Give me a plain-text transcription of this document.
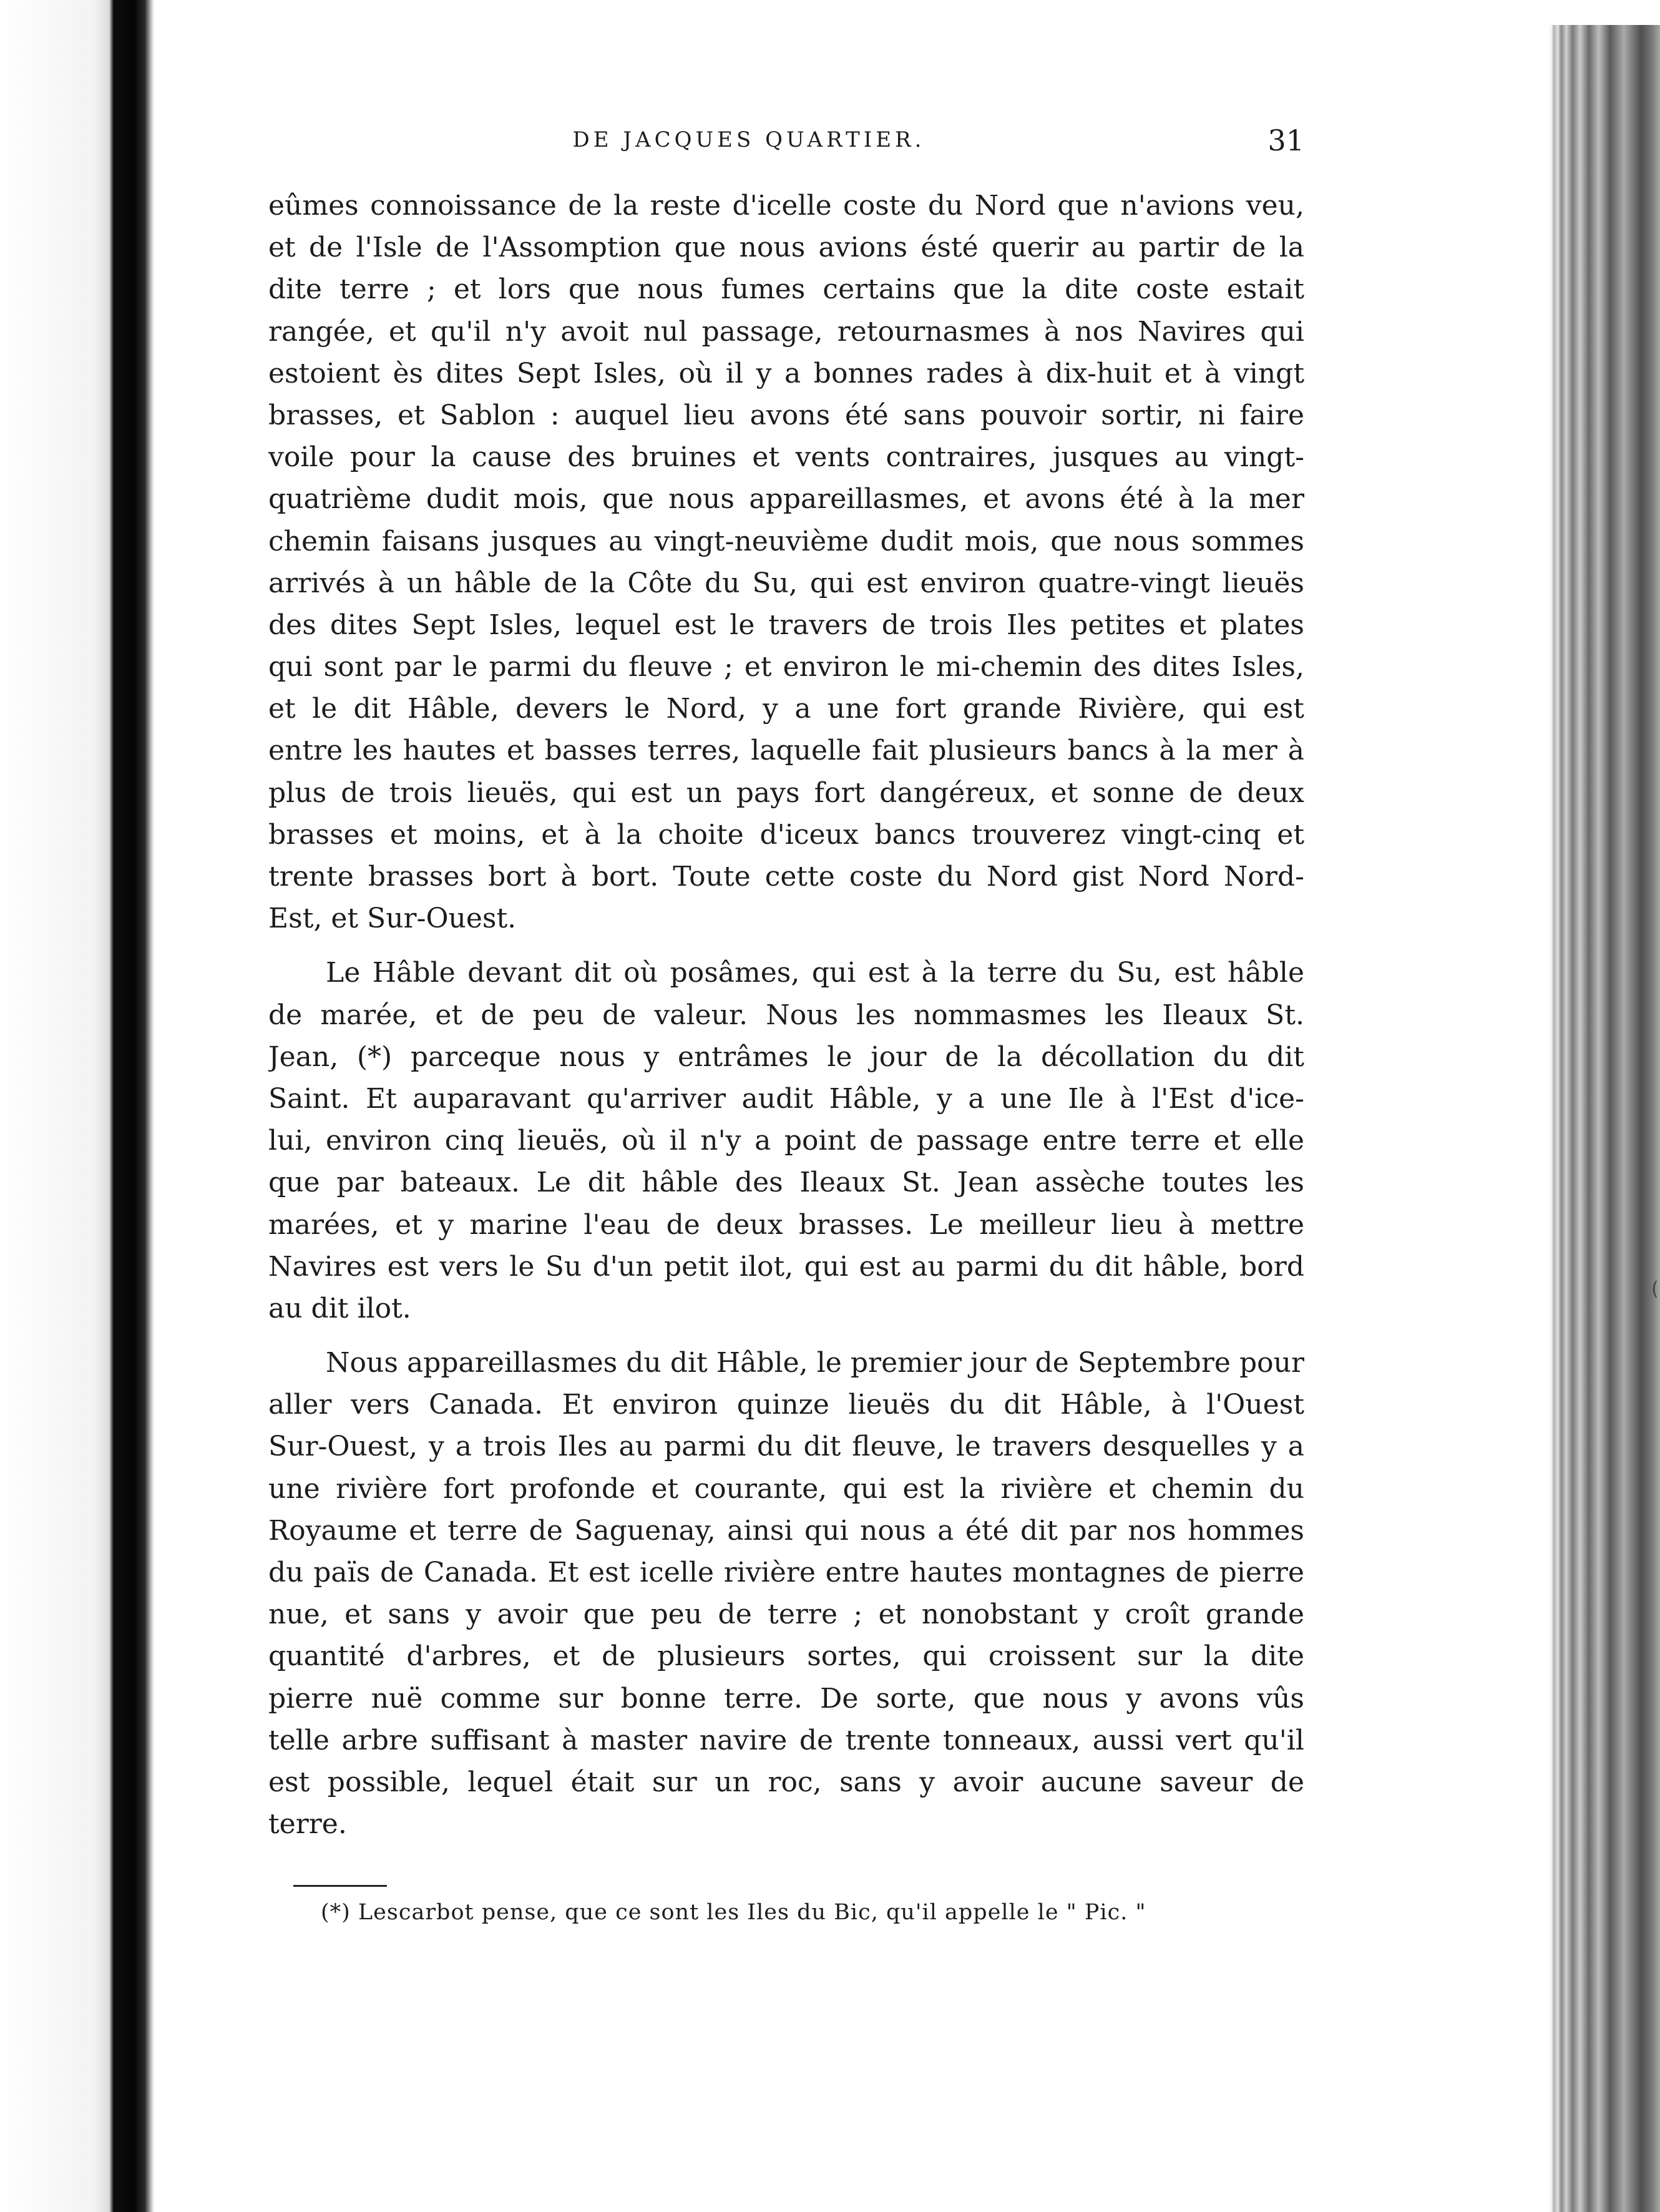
(
DE JACQUES QUARTIER.	31
eûmes connoissance de la reste d'icelle coste du Nord que n'avions veu,
et de l'Isle de l'Assomption que nous avions ésté querir au partir de la
dite terre ; et lors que nous fumes certains que la dite coste estait
rangée, et qu'il n'y avoit nul passage, retournasmes à nos Navires qui
estoient ès dites Sept Isles, où il y a bonnes rades à dix-huit et à vingt
brasses, et Sablon : auquel lieu avons été sans pouvoir sortir, ni faire
voile pour la cause des bruines et vents contraires, jusques au vingt-
quatrième dudit mois, que nous appareillasmes, et avons été à la mer
chemin faisans jusques au vingt-neuvième dudit mois, que nous sommes
arrivés à un hâble de la Côte du Su, qui est environ quatre-vingt lieuës
des dites Sept Isles, lequel est le travers de trois Iles petites et plates
qui sont par le parmi du fleuve ; et environ le mi-chemin des dites Isles,
et le dit Hâble, devers le Nord, y a une fort grande Rivière, qui est
entre les hautes et basses terres, laquelle fait plusieurs bancs à la mer à
plus de trois lieuës, qui est un pays fort dangéreux, et sonne de deux
brasses et moins, et à la choite d'iceux bancs trouverez vingt-cinq et
trente brasses bort à bort. Toute cette coste du Nord gist Nord Nord-
Est, et Sur-Ouest.
Le Hâble devant dit où posâmes, qui est à la terre du Su, est hâble
de marée, et de peu de valeur. Nous les nommasmes les Ileaux St.
Jean, (*) parceque nous y entrâmes le jour de la décollation du dit
Saint. Et auparavant qu'arriver audit Hâble, y a une Ile à l'Est d'ice-
lui, environ cinq lieuës, où il n'y a point de passage entre terre et elle
que par bateaux. Le dit hâble des Ileaux St. Jean assèche toutes les
marées, et y marine l'eau de deux brasses. Le meilleur lieu à mettre
Navires est vers le Su d'un petit ilot, qui est au parmi du dit hâble, bord
au dit ilot.
Nous appareillasmes du dit Hâble, le premier jour de Septembre pour
aller vers Canada. Et environ quinze lieuës du dit Hâble, à l'Ouest
Sur-Ouest, y a trois Iles au parmi du dit fleuve, le travers desquelles y a
une rivière fort profonde et courante, qui est la rivière et chemin du
Royaume et terre de Saguenay, ainsi qui nous a été dit par nos hommes
du païs de Canada. Et est icelle rivière entre hautes montagnes de pierre
nue, et sans y avoir que peu de terre ; et nonobstant y croît grande
quantité d'arbres, et de plusieurs sortes, qui croissent sur la dite
pierre nuë comme sur bonne terre. De sorte, que nous y avons vûs
telle arbre suffisant à master navire de trente tonneaux, aussi vert qu'il
est possible, lequel était sur un roc, sans y avoir aucune saveur de
terre.
(*) Lescarbot pense, que ce sont les Iles du Bic, qu'il appelle le " Pic. "
